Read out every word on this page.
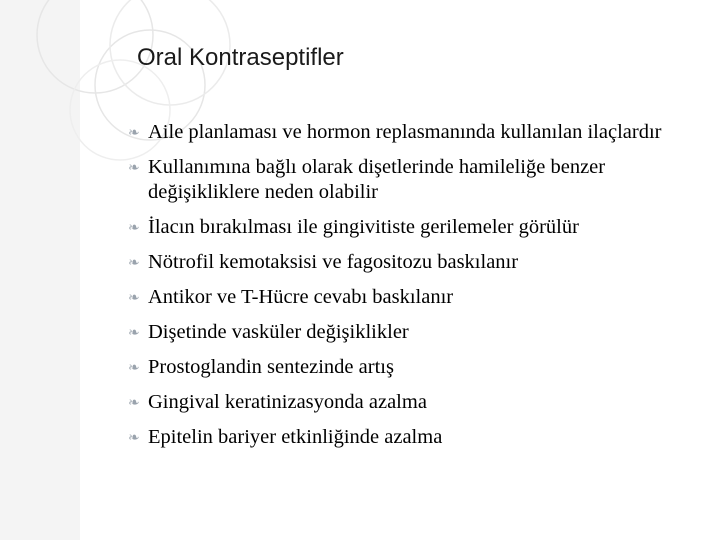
Oral Kontraseptifler
❧ Aile planlaması ve hormon replasmanında kullanılan ilaçlardır
❧ Kullanımına bağlı olarak dişetlerinde hamileliğe benzer değişikliklere neden olabilir
❧ İlacın bırakılması ile gingivitiste gerilemeler görülür
❧ Nötrofil kemotaksisi ve fagositozu baskılanır
❧ Antikor ve T-Hücre cevabı baskılanır
❧ Dişetinde vasküler değişiklikler
❧ Prostoglandin sentezinde artış
❧ Gingival keratinizasyonda azalma
❧ Epitelin bariyer etkinliğinde azalma
